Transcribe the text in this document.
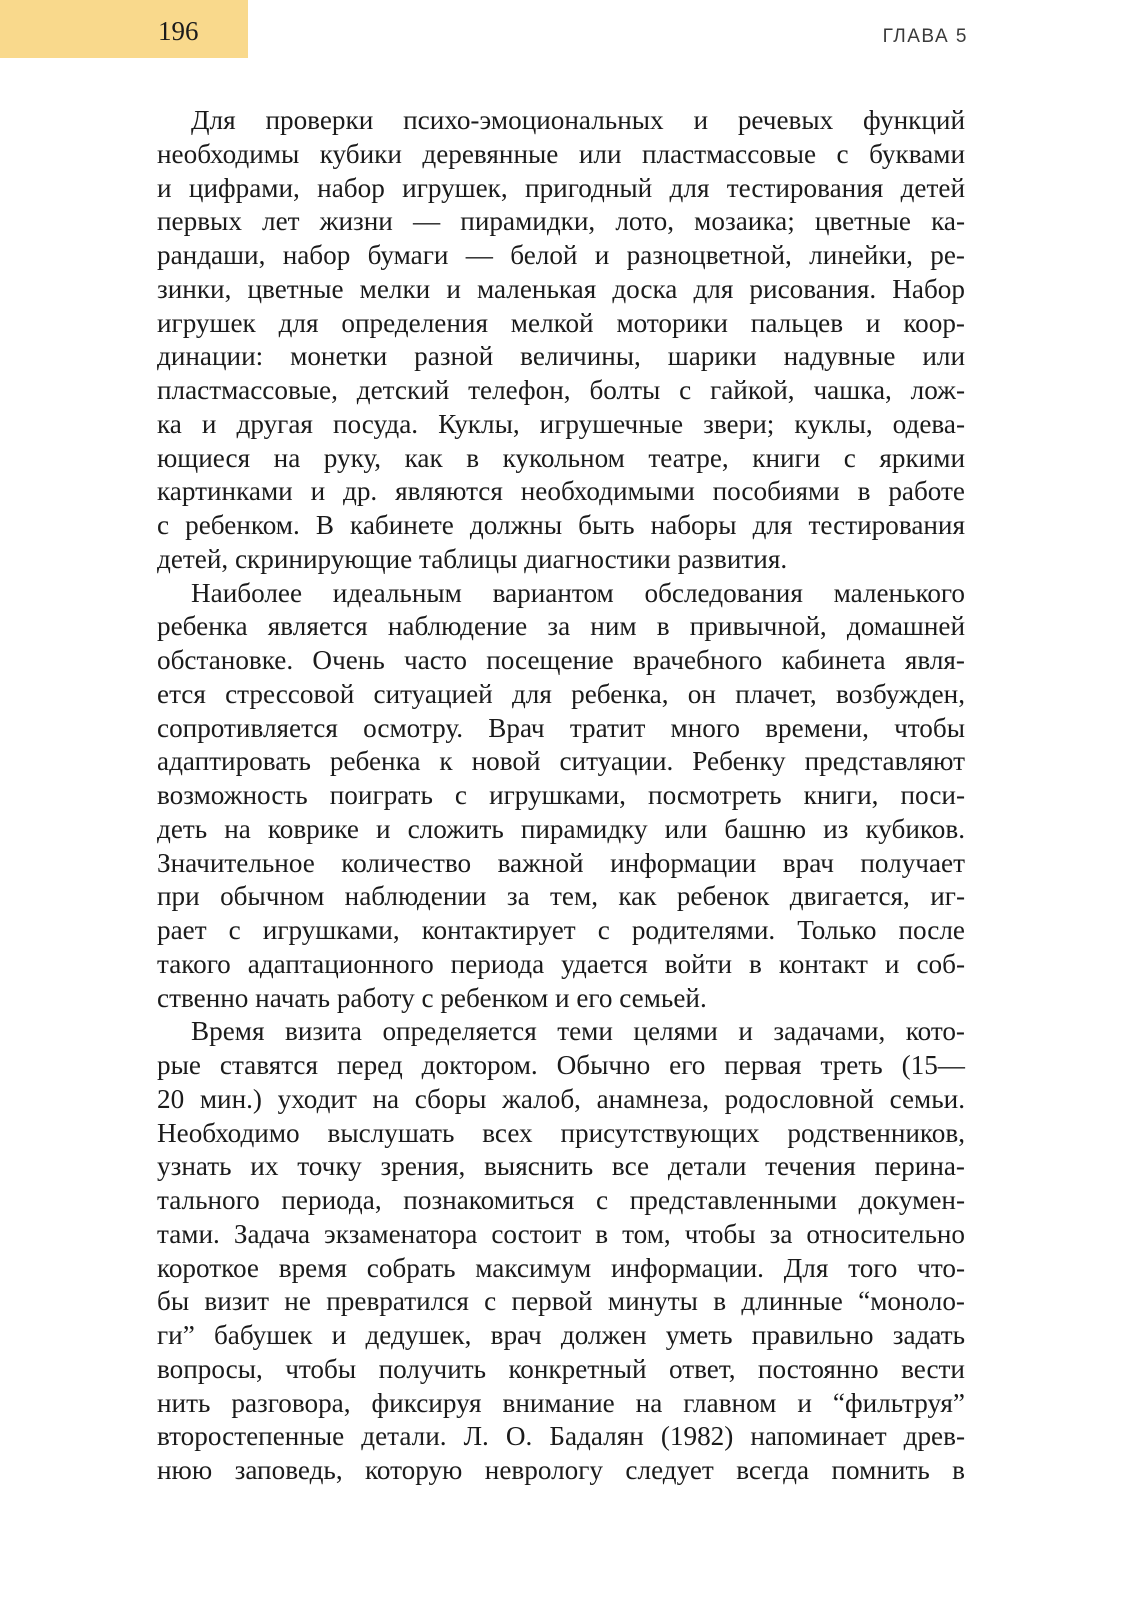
196	ГЛАВА 5
Для проверки психо-эмоциональных и речевых функций
необходимы кубики деревянные или пластмассовые с буквами
и цифрами, набор игрушек, пригодный для тестирования детей
первых лет жизни — пирамидки, лото, мозаика; цветные ка-
рандаши, набор бумаги — белой и разноцветной, линейки, ре-
зинки, цветные мелки и маленькая доска для рисования. Набор
игрушек для определения мелкой моторики пальцев и коор-
динации: монетки разной величины, шарики надувные или
пластмассовые, детский телефон, болты с гайкой, чашка, лож-
ка и другая посуда. Куклы, игрушечные звери; куклы, одева-
ющиеся на руку, как в кукольном театре, книги с яркими
картинками и др. являются необходимыми пособиями в работе
с ребенком. В кабинете должны быть наборы для тестирования
детей, скринирующие таблицы диагностики развития.
Наиболее идеальным вариантом обследования маленького
ребенка является наблюдение за ним в привычной, домашней
обстановке. Очень часто посещение врачебного кабинета явля-
ется стрессовой ситуацией для ребенка, он плачет, возбужден,
сопротивляется осмотру. Врач тратит много времени, чтобы
адаптировать ребенка к новой ситуации. Ребенку представляют
возможность поиграть с игрушками, посмотреть книги, поси-
деть на коврике и сложить пирамидку или башню из кубиков.
Значительное количество важной информации врач получает
при обычном наблюдении за тем, как ребенок двигается, иг-
рает с игрушками, контактирует с родителями. Только после
такого адаптационного периода удается войти в контакт и соб-
ственно начать работу с ребенком и его семьей.
Время визита определяется теми целями и задачами, кото-
рые ставятся перед доктором. Обычно его первая треть (15—
20 мин.) уходит на сборы жалоб, анамнеза, родословной семьи.
Необходимо выслушать всех присутствующих родственников,
узнать их точку зрения, выяснить все детали течения перина-
тального периода, познакомиться с представленными докумен-
тами. Задача экзаменатора состоит в том, чтобы за относительно
короткое время собрать максимум информации. Для того что-
бы визит не превратился с первой минуты в длинные “моноло-
ги” бабушек и дедушек, врач должен уметь правильно задать
вопросы, чтобы получить конкретный ответ, постоянно вести
нить разговора, фиксируя внимание на главном и “фильтруя”
второстепенные детали. Л. О. Бадалян (1982) напоминает древ-
нюю заповедь, которую неврологу следует всегда помнить в
